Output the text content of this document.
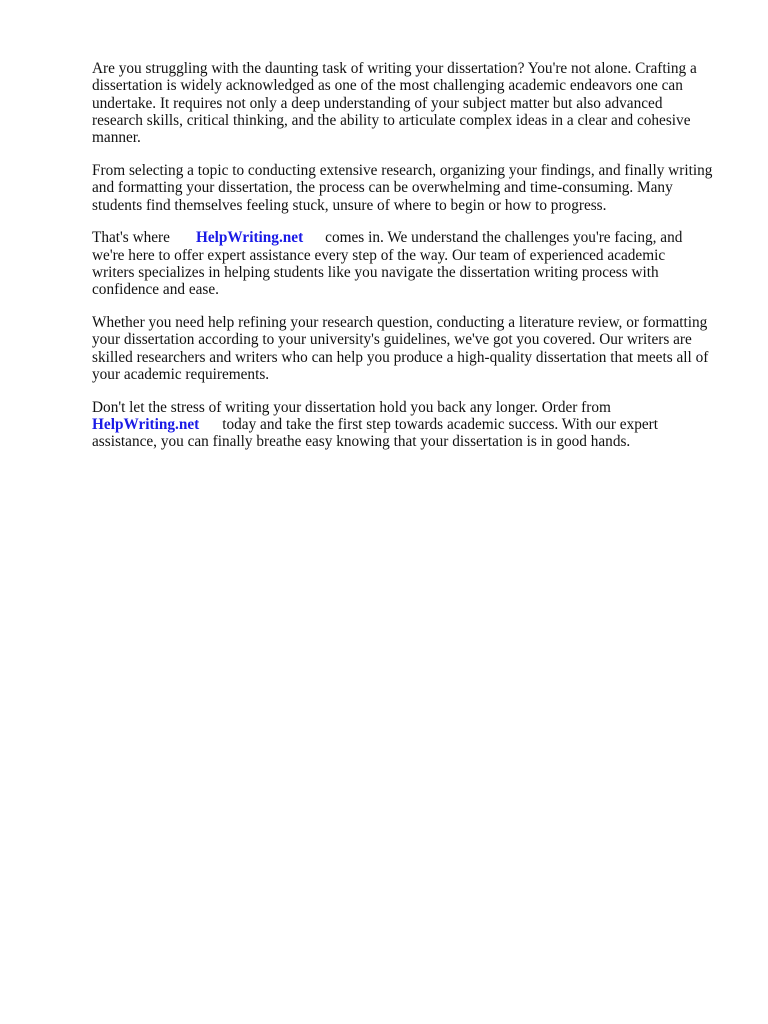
Are you struggling with the daunting task of writing your dissertation? You're not alone. Crafting a
dissertation is widely acknowledged as one of the most challenging academic endeavors one can
undertake. It requires not only a deep understanding of your subject matter but also advanced
research skills, critical thinking, and the ability to articulate complex ideas in a clear and cohesive
manner.

From selecting a topic to conducting extensive research, organizing your findings, and finally writing
and formatting your dissertation, the process can be overwhelming and time-consuming. Many
students find themselves feeling stuck, unsure of where to begin or how to progress.

That's where HelpWriting.net comes in. We understand the challenges you're facing, and
we're here to offer expert assistance every step of the way. Our team of experienced academic
writers specializes in helping students like you navigate the dissertation writing process with
confidence and ease.

Whether you need help refining your research question, conducting a literature review, or formatting
your dissertation according to your university's guidelines, we've got you covered. Our writers are
skilled researchers and writers who can help you produce a high-quality dissertation that meets all of
your academic requirements.

Don't let the stress of writing your dissertation hold you back any longer. Order from
HelpWriting.net today and take the first step towards academic success. With our expert
assistance, you can finally breathe easy knowing that your dissertation is in good hands.
